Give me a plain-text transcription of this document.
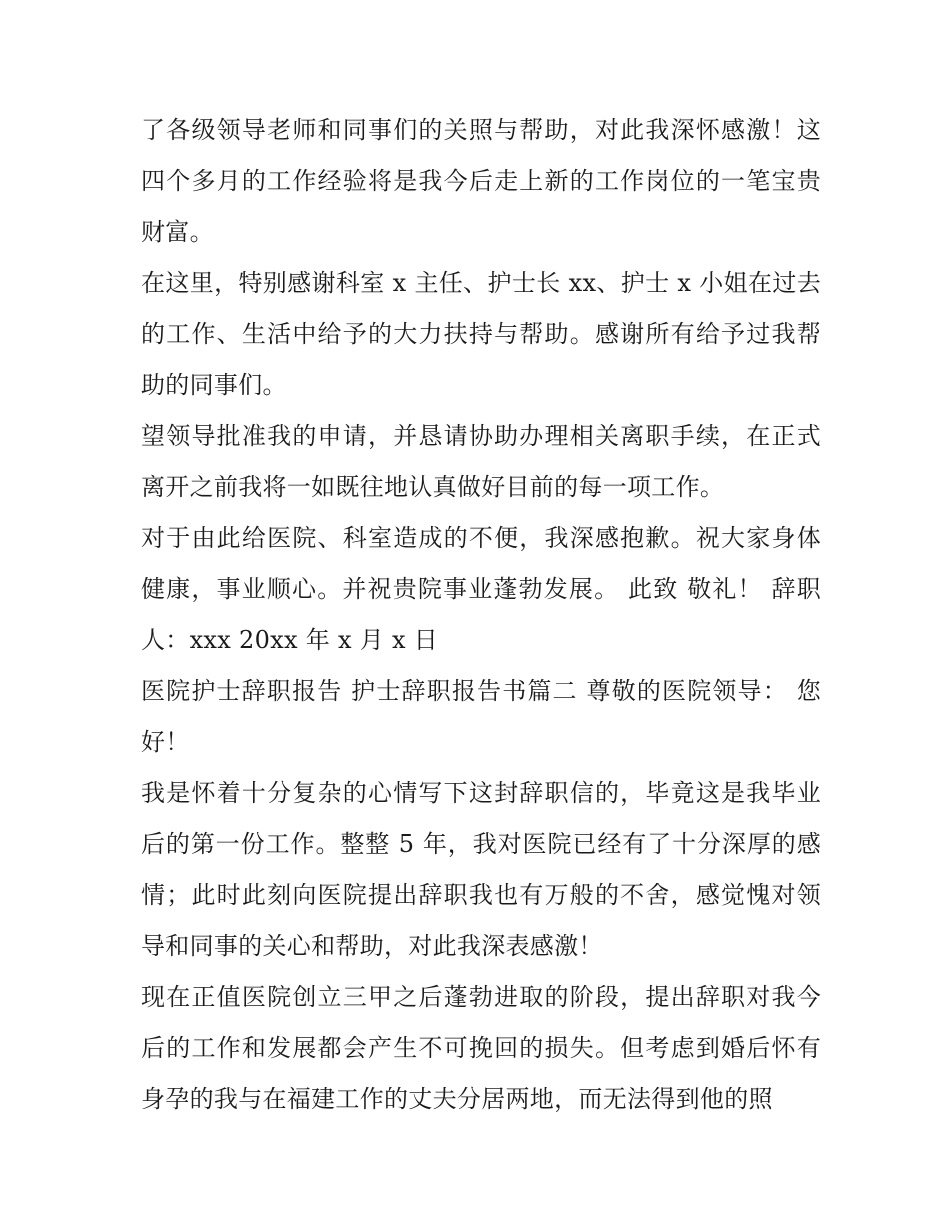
了各级领导老师和同事们的关照与帮助，对此我深怀感激！这四个多月的工作经验将是我今后走上新的工作岗位的一笔宝贵财富。

在这里，特别感谢科室 x 主任、护士长 xx、护士 x 小姐在过去的工作、生活中给予的大力扶持与帮助。感谢所有给予过我帮助的同事们。

望领导批准我的申请，并恳请协助办理相关离职手续，在正式离开之前我将一如既往地认真做好目前的每一项工作。

对于由此给医院、科室造成的不便，我深感抱歉。祝大家身体健康，事业顺心。并祝贵院事业蓬勃发展。 此致 敬礼！ 辞职人：xxx 20xx 年 x 月 x 日

医院护士辞职报告 护士辞职报告书篇二 尊敬的医院领导： 您好！

我是怀着十分复杂的心情写下这封辞职信的，毕竟这是我毕业后的第一份工作。整整 5 年，我对医院已经有了十分深厚的感情；此时此刻向医院提出辞职我也有万般的不舍，感觉愧对领导和同事的关心和帮助，对此我深表感激！

现在正值医院创立三甲之后蓬勃进取的阶段，提出辞职对我今后的工作和发展都会产生不可挽回的损失。但考虑到婚后怀有身孕的我与在福建工作的丈夫分居两地，而无法得到他的照
